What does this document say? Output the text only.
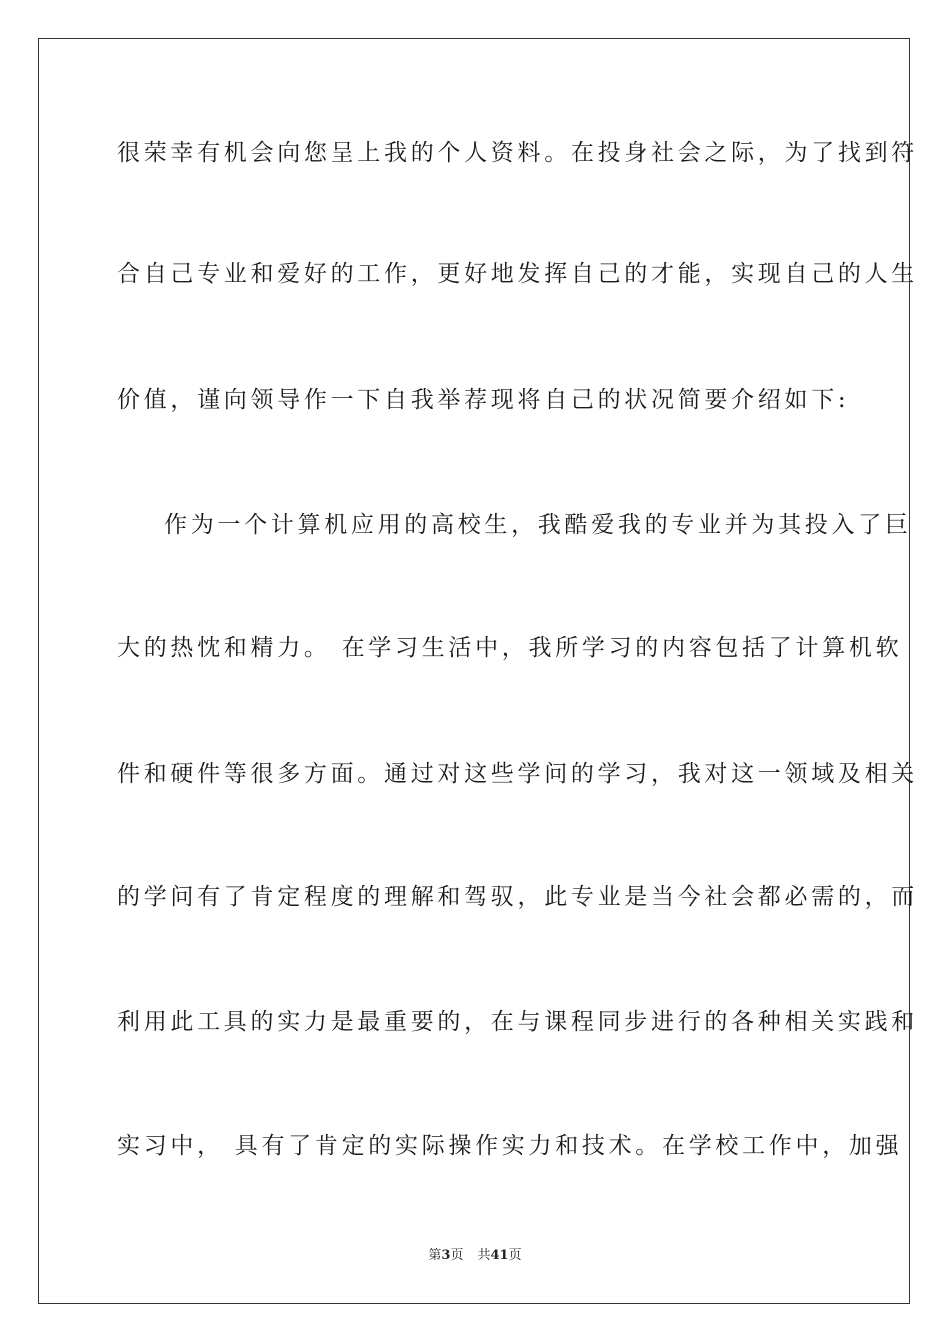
很荣幸有机会向您呈上我的个人资料。在投身社会之际，为了找到符
合自己专业和爱好的工作，更好地发挥自己的才能，实现自己的人生
价值，谨向领导作一下自我举荐现将自己的状况简要介绍如下:
作为一个计算机应用的高校生，我酷爱我的专业并为其投入了巨
大的热忱和精力。 在学习生活中，我所学习的内容包括了计算机软
件和硬件等很多方面。通过对这些学问的学习，我对这一领域及相关
的学问有了肯定程度的理解和驾驭，此专业是当今社会都必需的，而
利用此工具的实力是最重要的，在与课程同步进行的各种相关实践和
实习中， 具有了肯定的实际操作实力和技术。在学校工作中，加强
第3页 共41页
